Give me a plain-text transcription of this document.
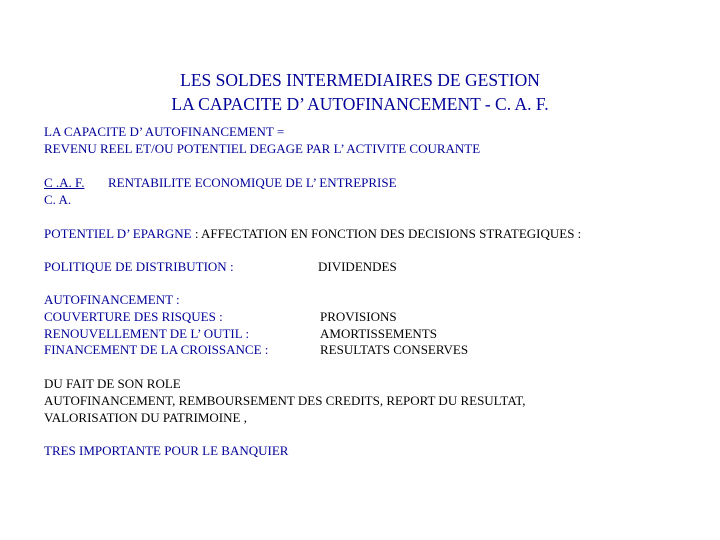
LES SOLDES INTERMEDIAIRES DE GESTION
LA CAPACITE D’ AUTOFINANCEMENT - C. A. F.
LA CAPACITE D’ AUTOFINANCEMENT =
REVENU REEL ET/OU POTENTIEL DEGAGE PAR L’ ACTIVITE COURANTE
C .A. F. RENTABILITE ECONOMIQUE DE L’ ENTREPRISE
C. A.
POTENTIEL D’ EPARGNE : AFFECTATION EN FONCTION DES DECISIONS STRATEGIQUES :
POLITIQUE DE DISTRIBUTION :	DIVIDENDES
AUTOFINANCEMENT :
COUVERTURE DES RISQUES :	PROVISIONS
RENOUVELLEMENT DE L’ OUTIL :	AMORTISSEMENTS
FINANCEMENT DE LA CROISSANCE :	RESULTATS CONSERVES
DU FAIT DE SON ROLE
AUTOFINANCEMENT, REMBOURSEMENT DES CREDITS, REPORT DU RESULTAT,
VALORISATION DU PATRIMOINE ,
TRES IMPORTANTE POUR LE BANQUIER
